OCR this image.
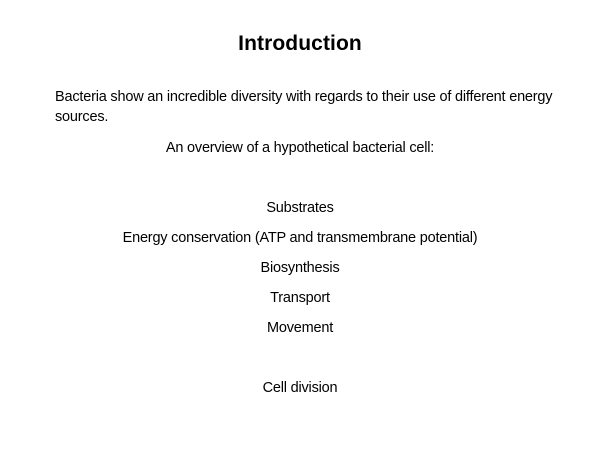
Introduction
Bacteria show an incredible diversity with regards to their use of different energy sources.
An overview of a hypothetical bacterial cell:
Substrates
Energy conservation (ATP and transmembrane potential)
Biosynthesis
Transport
Movement
Cell division
